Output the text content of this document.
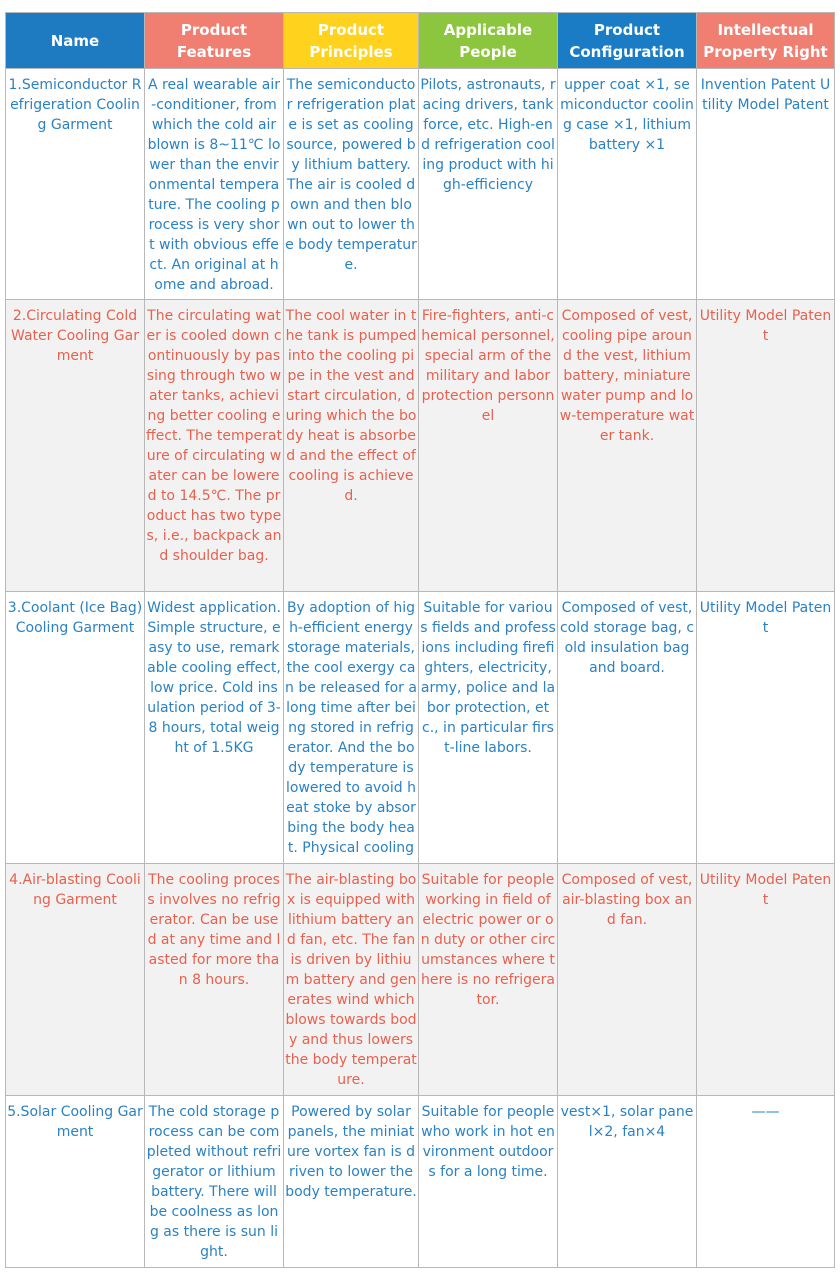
Name	Product Features	Product Principles	Applicable People	Product Configuration	Intellectual Property Right
1.Semiconductor Refrigeration Cooling Garment	A real wearable air-conditioner, from which the cold air blown is 8~11℃ lower than the environmental temperature. The cooling process is very short with obvious effect. An original at home and abroad.	The semiconductor refrigeration plate is set as cooling source, powered by lithium battery. The air is cooled down and then blown out to lower the body temperature.	Pilots, astronauts, racing drivers, tank force, etc. High-end refrigeration cooling product with high-efficiency	upper coat ×1, semiconductor cooling case ×1, lithium battery ×1	Invention Patent Utility Model Patent
2.Circulating Cold Water Cooling Garment	The circulating water is cooled down continuously by passing through two water tanks, achieving better cooling effect. The temperature of circulating water can be lowered to 14.5℃. The product has two types, i.e., backpack and shoulder bag.	The cool water in the tank is pumped into the cooling pipe in the vest and start circulation, during which the body heat is absorbed and the effect of cooling is achieved.	Fire-fighters, anti-chemical personnel, special arm of the military and labor protection personnel	Composed of vest, cooling pipe around the vest, lithium battery, miniature water pump and low-temperature water tank.	Utility Model Patent
3.Coolant (Ice Bag) Cooling Garment	Widest application. Simple structure, easy to use, remarkable cooling effect, low price. Cold insulation period of 3-8 hours, total weight of 1.5KG	By adoption of high-efficient energy storage materials, the cool exergy can be released for a long time after being stored in refrigerator. And the body temperature is lowered to avoid heat stoke by absorbing the body heat. Physical cooling	Suitable for various fields and professions including firefighters, electricity, army, police and labor protection, etc., in particular first-line labors.	Composed of vest, cold storage bag, cold insulation bag and board.	Utility Model Patent
4.Air-blasting Cooling Garment	The cooling process involves no refrigerator. Can be used at any time and lasted for more than 8 hours.	The air-blasting box is equipped with lithium battery and fan, etc. The fan is driven by lithium battery and generates wind which blows towards body and thus lowers the body temperature.	Suitable for people working in field of electric power or on duty or other circumstances where there is no refrigerator.	Composed of vest, air-blasting box and fan.	Utility Model Patent
5.Solar Cooling Garment	The cold storage process can be completed without refrigerator or lithium battery. There will be coolness as long as there is sun light.	Powered by solar panels, the miniature vortex fan is driven to lower the body temperature.	Suitable for people who work in hot environment outdoors for a long time.	vest×1, solar panel×2, fan×4	——
